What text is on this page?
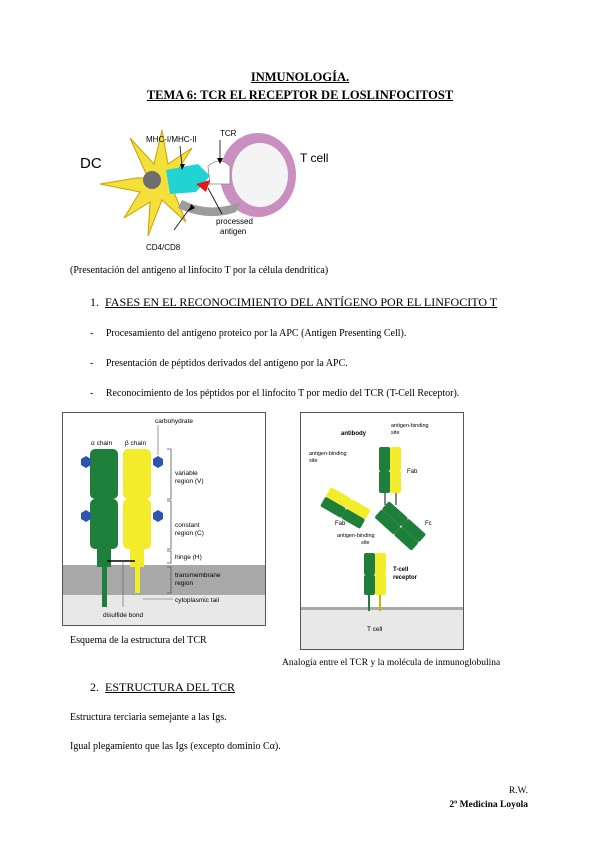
INMUNOLOGÍA.
TEMA 6: TCR EL RECEPTOR DE LOSLINFOCITOST
DC
MHC-I/MHC-II
TCR
T cell
processed
antigen
CD4/CD8
(Presentación del antígeno al linfocito T por la célula dendrítica)
1. FASES EN EL RECONOCIMIENTO DEL ANTÍGENO POR EL LINFOCITO T
-     Procesamiento del antígeno proteico por la APC (Antigen Presenting Cell).
-     Presentación de péptidos derivados del antígeno por la APC.
-     Reconocimiento de los péptidos por el linfocito T por medio del TCR (T-Cell Receptor).
carbohydrate
α chain β chain
variable
region (V)
constant
region (C)
hinge (H)
transmembrane
region
cytoplasmic tail
disulfide bond
Esquema de la estructura del TCR
antibody
antigen-binding
site
antigen-binding
site
Fab
Fab	Fc
antigen-binding
site
T-cell
receptor
T cell
Analogía entre el TCR y la molécula de inmunoglobulina
2. ESTRUCTURA DEL TCR
Estructura terciaria semejante a las Igs.
Igual plegamiento que las Igs (excepto dominio Cα).
R.W.
2º Medicina Loyola
